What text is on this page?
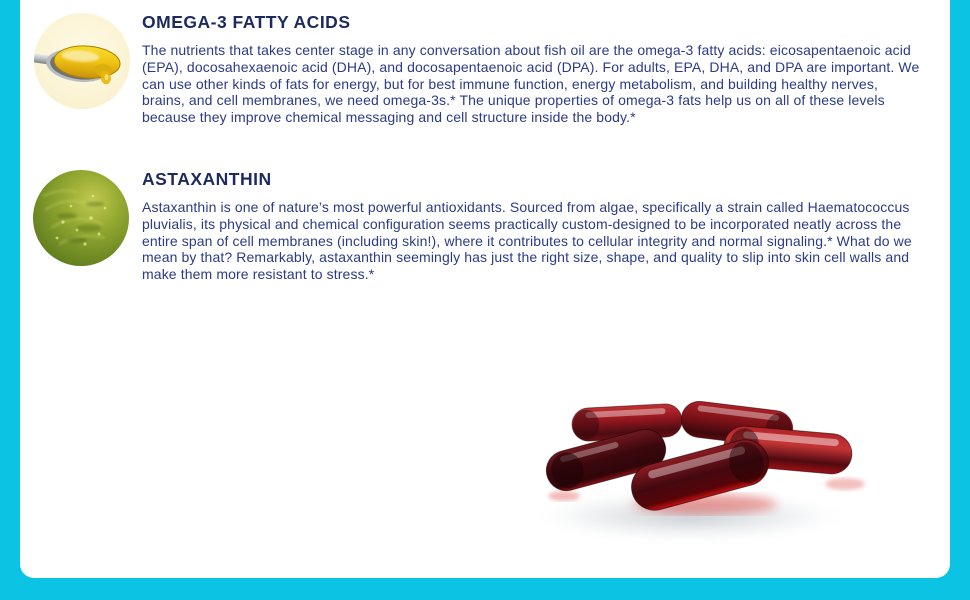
OMEGA-3 FATTY ACIDS

The nutrients that takes center stage in any conversation about fish oil are the omega-3 fatty acids: eicosapentaenoic acid (EPA), docosahexaenoic acid (DHA), and docosapentaenoic acid (DPA). For adults, EPA, DHA, and DPA are important. We can use other kinds of fats for energy, but for best immune function, energy metabolism, and building healthy nerves, brains, and cell membranes, we need omega-3s.* The unique properties of omega-3 fats help us on all of these levels because they improve chemical messaging and cell structure inside the body.*

ASTAXANTHIN

Astaxanthin is one of nature’s most powerful antioxidants. Sourced from algae, specifically a strain called Haematococcus pluvialis, its physical and chemical configuration seems practically custom-designed to be incorporated neatly across the entire span of cell membranes (including skin!), where it contributes to cellular integrity and normal signaling.* What do we mean by that? Remarkably, astaxanthin seemingly has just the right size, shape, and quality to slip into skin cell walls and make them more resistant to stress.*
